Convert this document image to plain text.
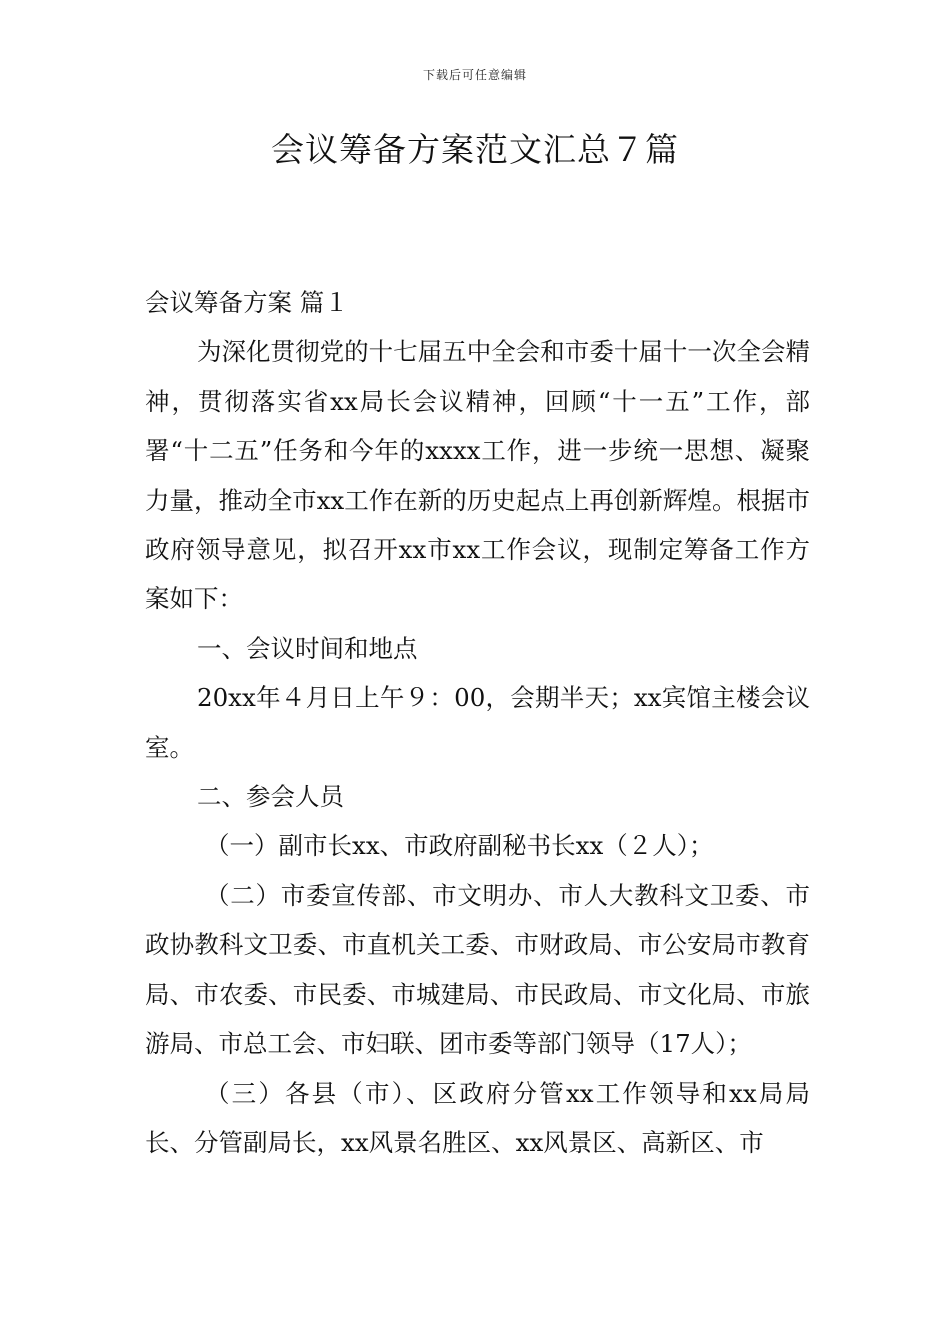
下载后可任意编辑
会议筹备方案范文汇总７篇

会议筹备方案 篇１

为深化贯彻党的十七届五中全会和市委十届十一次全会精神，贯彻落实省xx局长会议精神，回顾“十一五”工作，部署“十二五”任务和今年的xxxx工作，进一步统一思想、凝聚力量，推动全市xx工作在新的历史起点上再创新辉煌。根据市政府领导意见，拟召开xx市xx工作会议，现制定筹备工作方案如下：

一、会议时间和地点

20xx年４月日上午９：00，会期半天；xx宾馆主楼会议室。

二、参会人员

（一）副市长xx、市政府副秘书长xx（２人）；

（二）市委宣传部、市文明办、市人大教科文卫委、市政协教科文卫委、市直机关工委、市财政局、市公安局市教育局、市农委、市民委、市城建局、市民政局、市文化局、市旅游局、市总工会、市妇联、团市委等部门领导（17人）；

（三）各县（市）、区政府分管xx工作领导和xx局局长、分管副局长，xx风景名胜区、xx风景区、高新区、市
